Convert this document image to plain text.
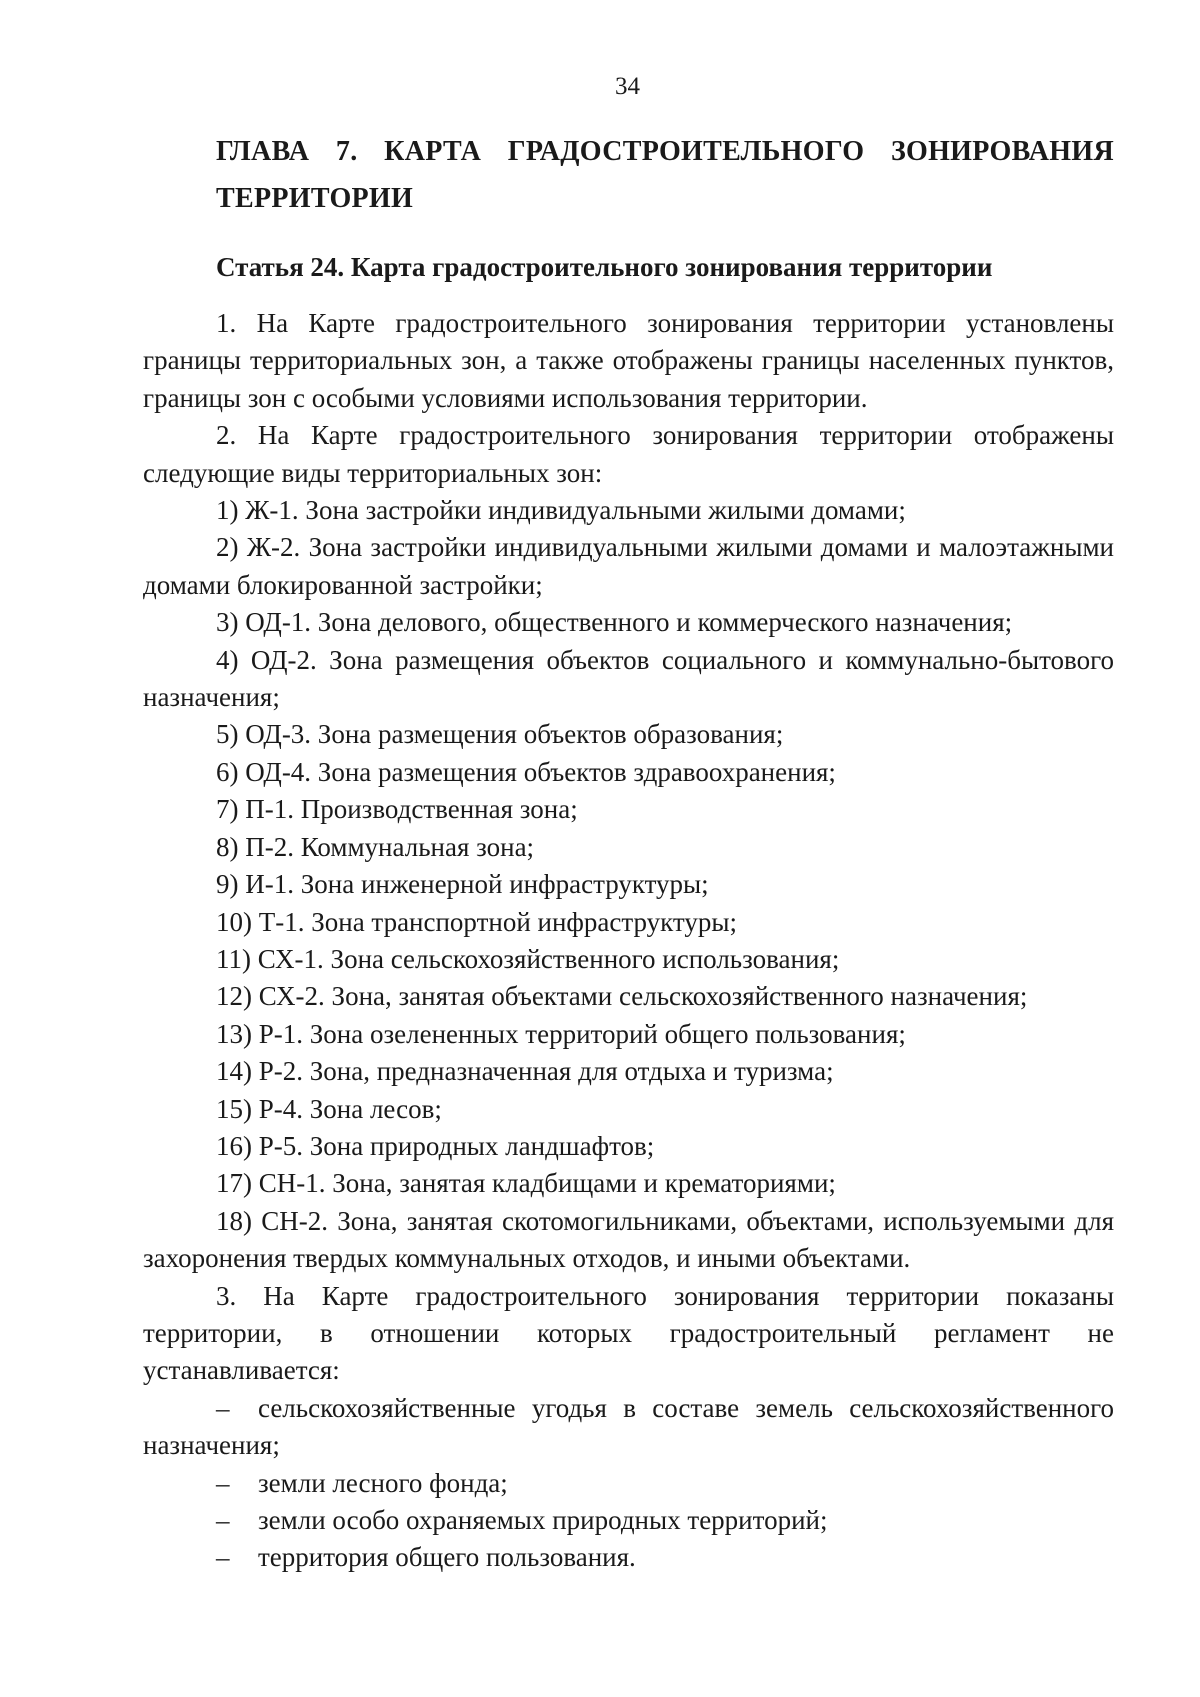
34
ГЛАВА 7. КАРТА ГРАДОСТРОИТЕЛЬНОГО ЗОНИРОВАНИЯ ТЕРРИТОРИИ
Статья 24. Карта градостроительного зонирования территории

1. На Карте градостроительного зонирования территории установлены границы территориальных зон, а также отображены границы населенных пунктов, границы зон с особыми условиями использования территории.

2. На Карте градостроительного зонирования территории отображены следующие виды территориальных зон:

1) Ж-1. Зона застройки индивидуальными жилыми домами;

2) Ж-2. Зона застройки индивидуальными жилыми домами и малоэтажными домами блокированной застройки;

3) ОД-1. Зона делового, общественного и коммерческого назначения;

4) ОД-2. Зона размещения объектов социального и коммунально-бытового назначения;

5) ОД-3. Зона размещения объектов образования;

6) ОД-4. Зона размещения объектов здравоохранения;

7) П-1. Производственная зона;

8) П-2. Коммунальная зона;

9) И-1. Зона инженерной инфраструктуры;

10) Т-1. Зона транспортной инфраструктуры;

11) СХ-1. Зона сельскохозяйственного использования;

12) СХ-2. Зона, занятая объектами сельскохозяйственного назначения;

13) Р-1. Зона озелененных территорий общего пользования;

14) Р-2. Зона, предназначенная для отдыха и туризма;

15) Р-4. Зона лесов;

16) Р-5. Зона природных ландшафтов;

17) СН-1. Зона, занятая кладбищами и крематориями;

18) СН-2. Зона, занятая скотомогильниками, объектами, используемыми для захоронения твердых коммунальных отходов, и иными объектами.

3. На Карте градостроительного зонирования территории показаны территории, в отношении которых градостроительный регламент не устанавливается:

– сельскохозяйственные угодья в составе земель сельскохозяйственного назначения;

– земли лесного фонда;

– земли особо охраняемых природных территорий;

– территория общего пользования.
